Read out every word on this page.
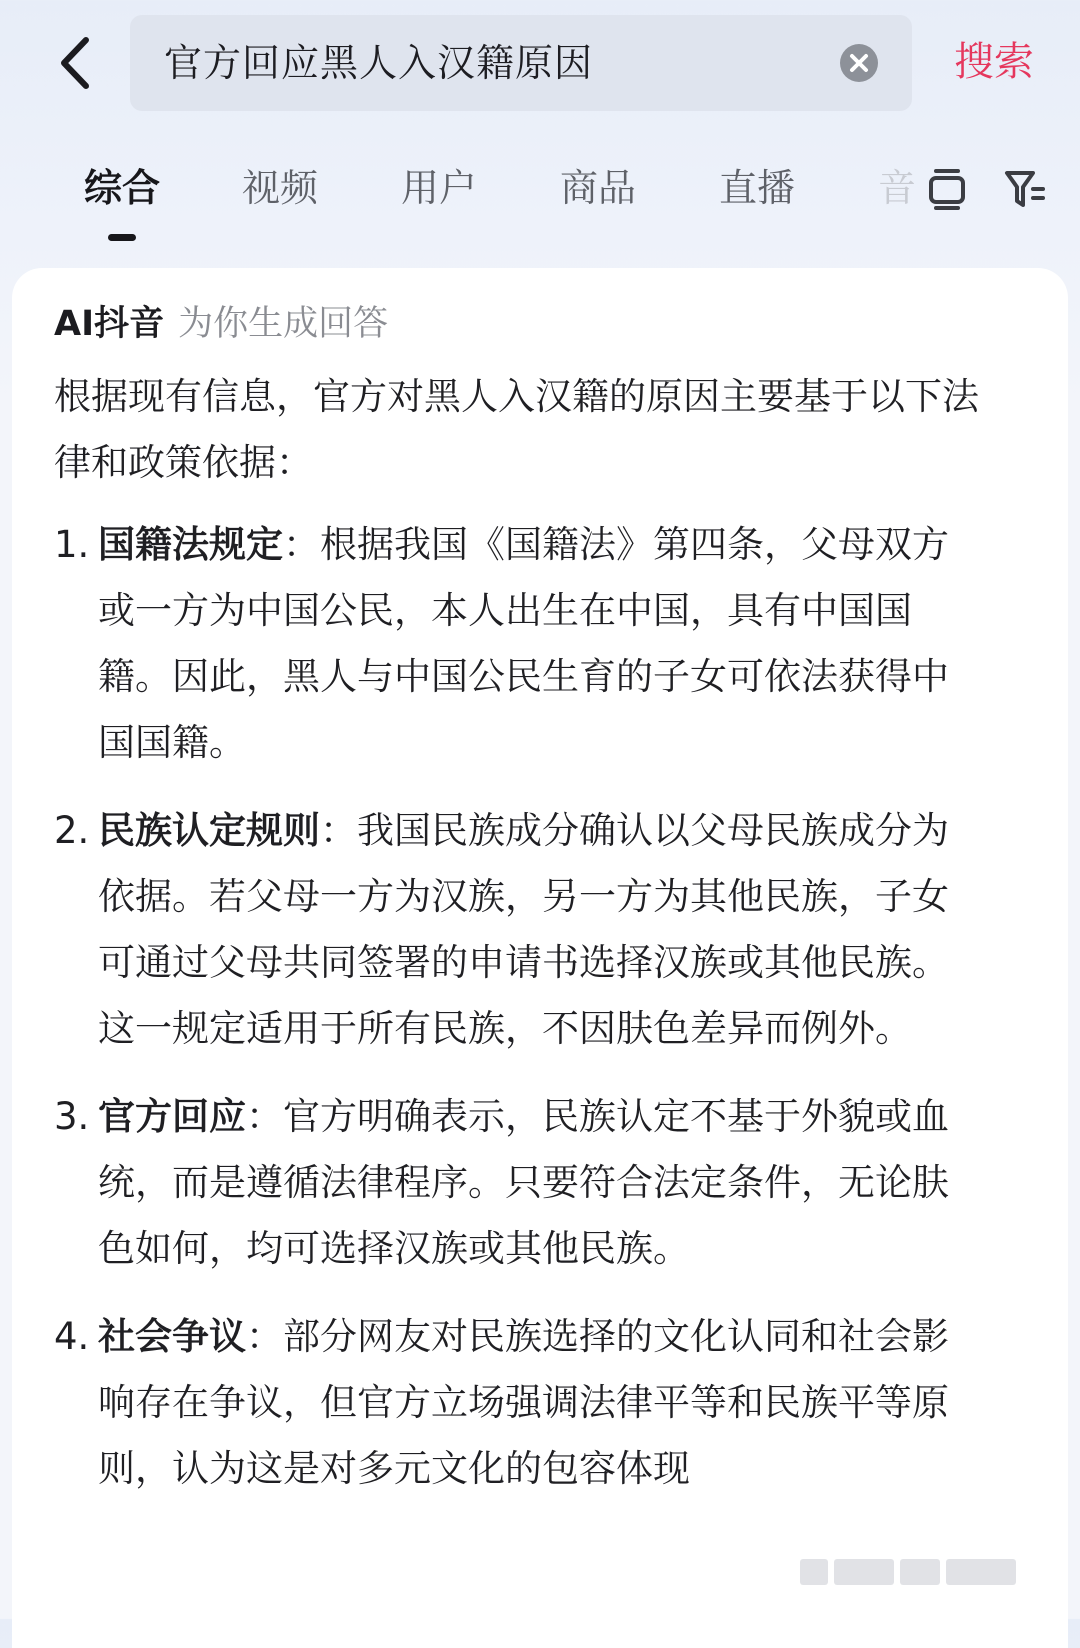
官方回应黑人入汉籍原因	搜索
综合 视频 用户 商品 直播 音
AI抖音 为你生成回答

根据现有信息，官方对黑人入汉籍的原因主要基于以下法律和政策依据：

1. 国籍法规定：根据我国《国籍法》第四条，父母双方或一方为中国公民，本人出生在中国，具有中国国籍。因此，黑人与中国公民生育的子女可依法获得中国国籍。
2. 民族认定规则：我国民族成分确认以父母民族成分为依据。若父母一方为汉族，另一方为其他民族，子女可通过父母共同签署的申请书选择汉族或其他民族。这一规定适用于所有民族，不因肤色差异而例外。
3. 官方回应：官方明确表示，民族认定不基于外貌或血统，而是遵循法律程序。只要符合法定条件，无论肤色如何，均可选择汉族或其他民族。
4. 社会争议：部分网友对民族选择的文化认同和社会影响存在争议，但官方立场强调法律平等和民族平等原则，认为这是对多元文化的包容体现
